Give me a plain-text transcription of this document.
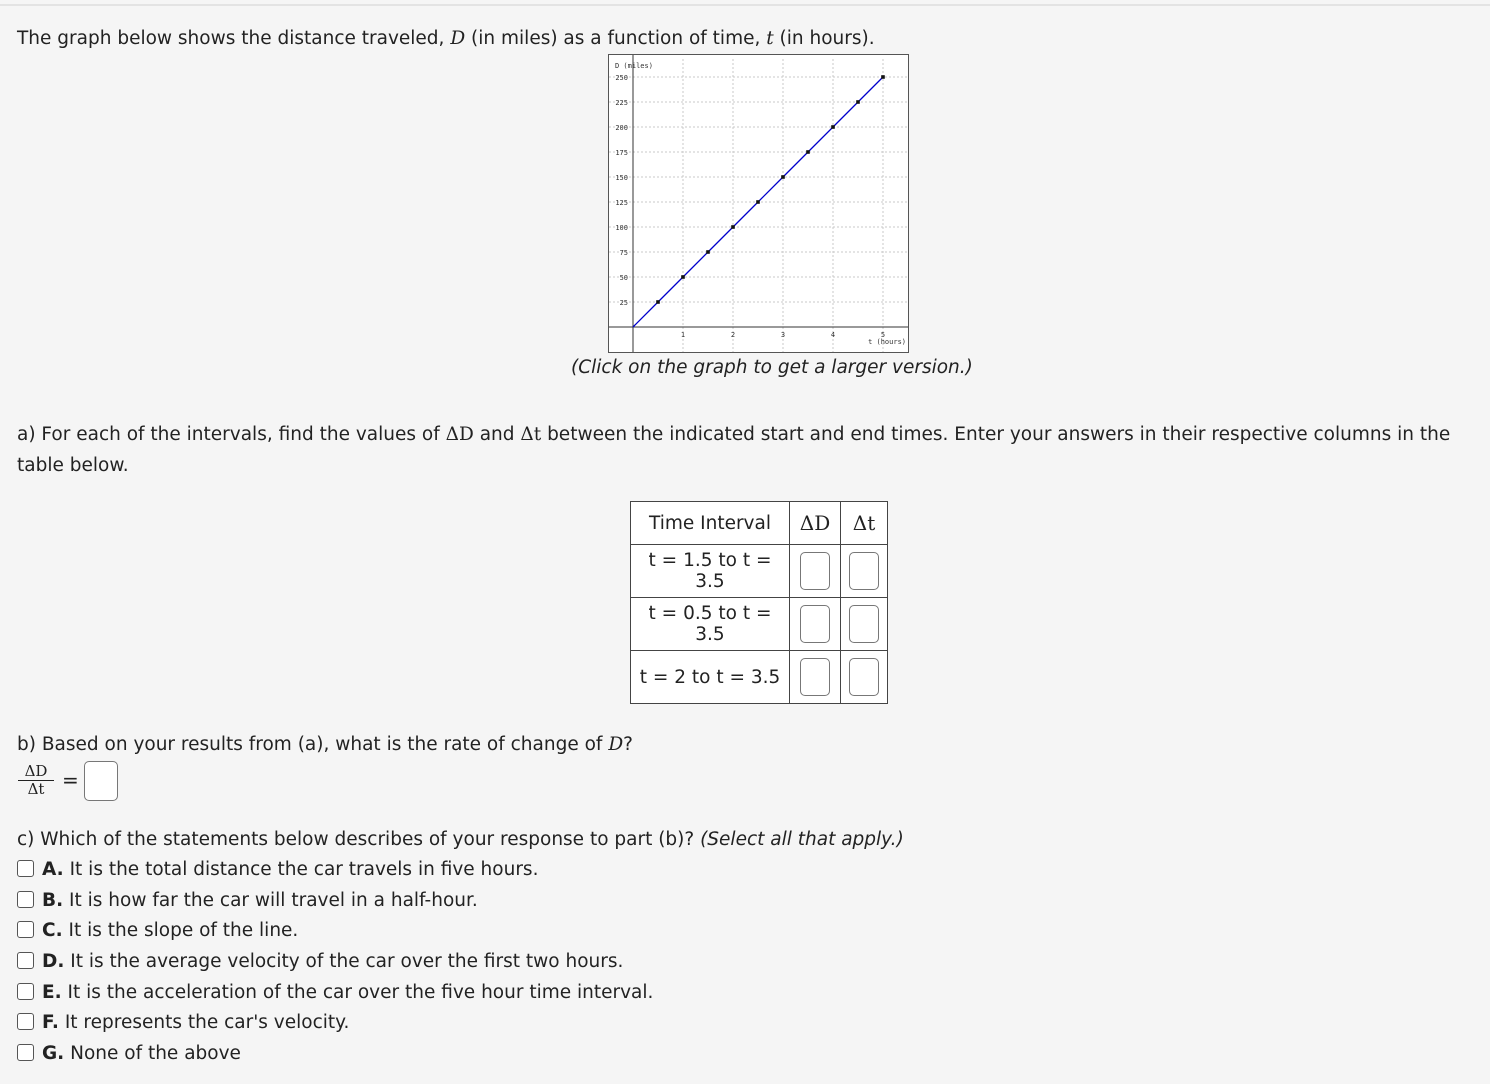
The graph below shows the distance traveled, D (in miles) as a function of time, t (in hours).
25
50
75
100
125
150
175
200
225
250
1	2	3	4	5
D (miles)
t (hours)
(Click on the graph to get a larger version.)
a) For each of the intervals, find the values of ΔD and Δt between the indicated start and end times. Enter your answers in their respective columns in the table below.
Time Interval	ΔD	Δt
t = 1.5 to t = 3.5		
t = 0.5 to t = 3.5		
t = 2 to t = 3.5		
b) Based on your results from (a), what is the rate of change of D?
$\frac{\Delta D}{\Delta t}$ =
c) Which of the statements below describes of your response to part (b)? (Select all that apply.)
A. It is the total distance the car travels in five hours.
B. It is how far the car will travel in a half-hour.
C. It is the slope of the line.
D. It is the average velocity of the car over the first two hours.
E. It is the acceleration of the car over the five hour time interval.
F. It represents the car's velocity.
G. None of the above
